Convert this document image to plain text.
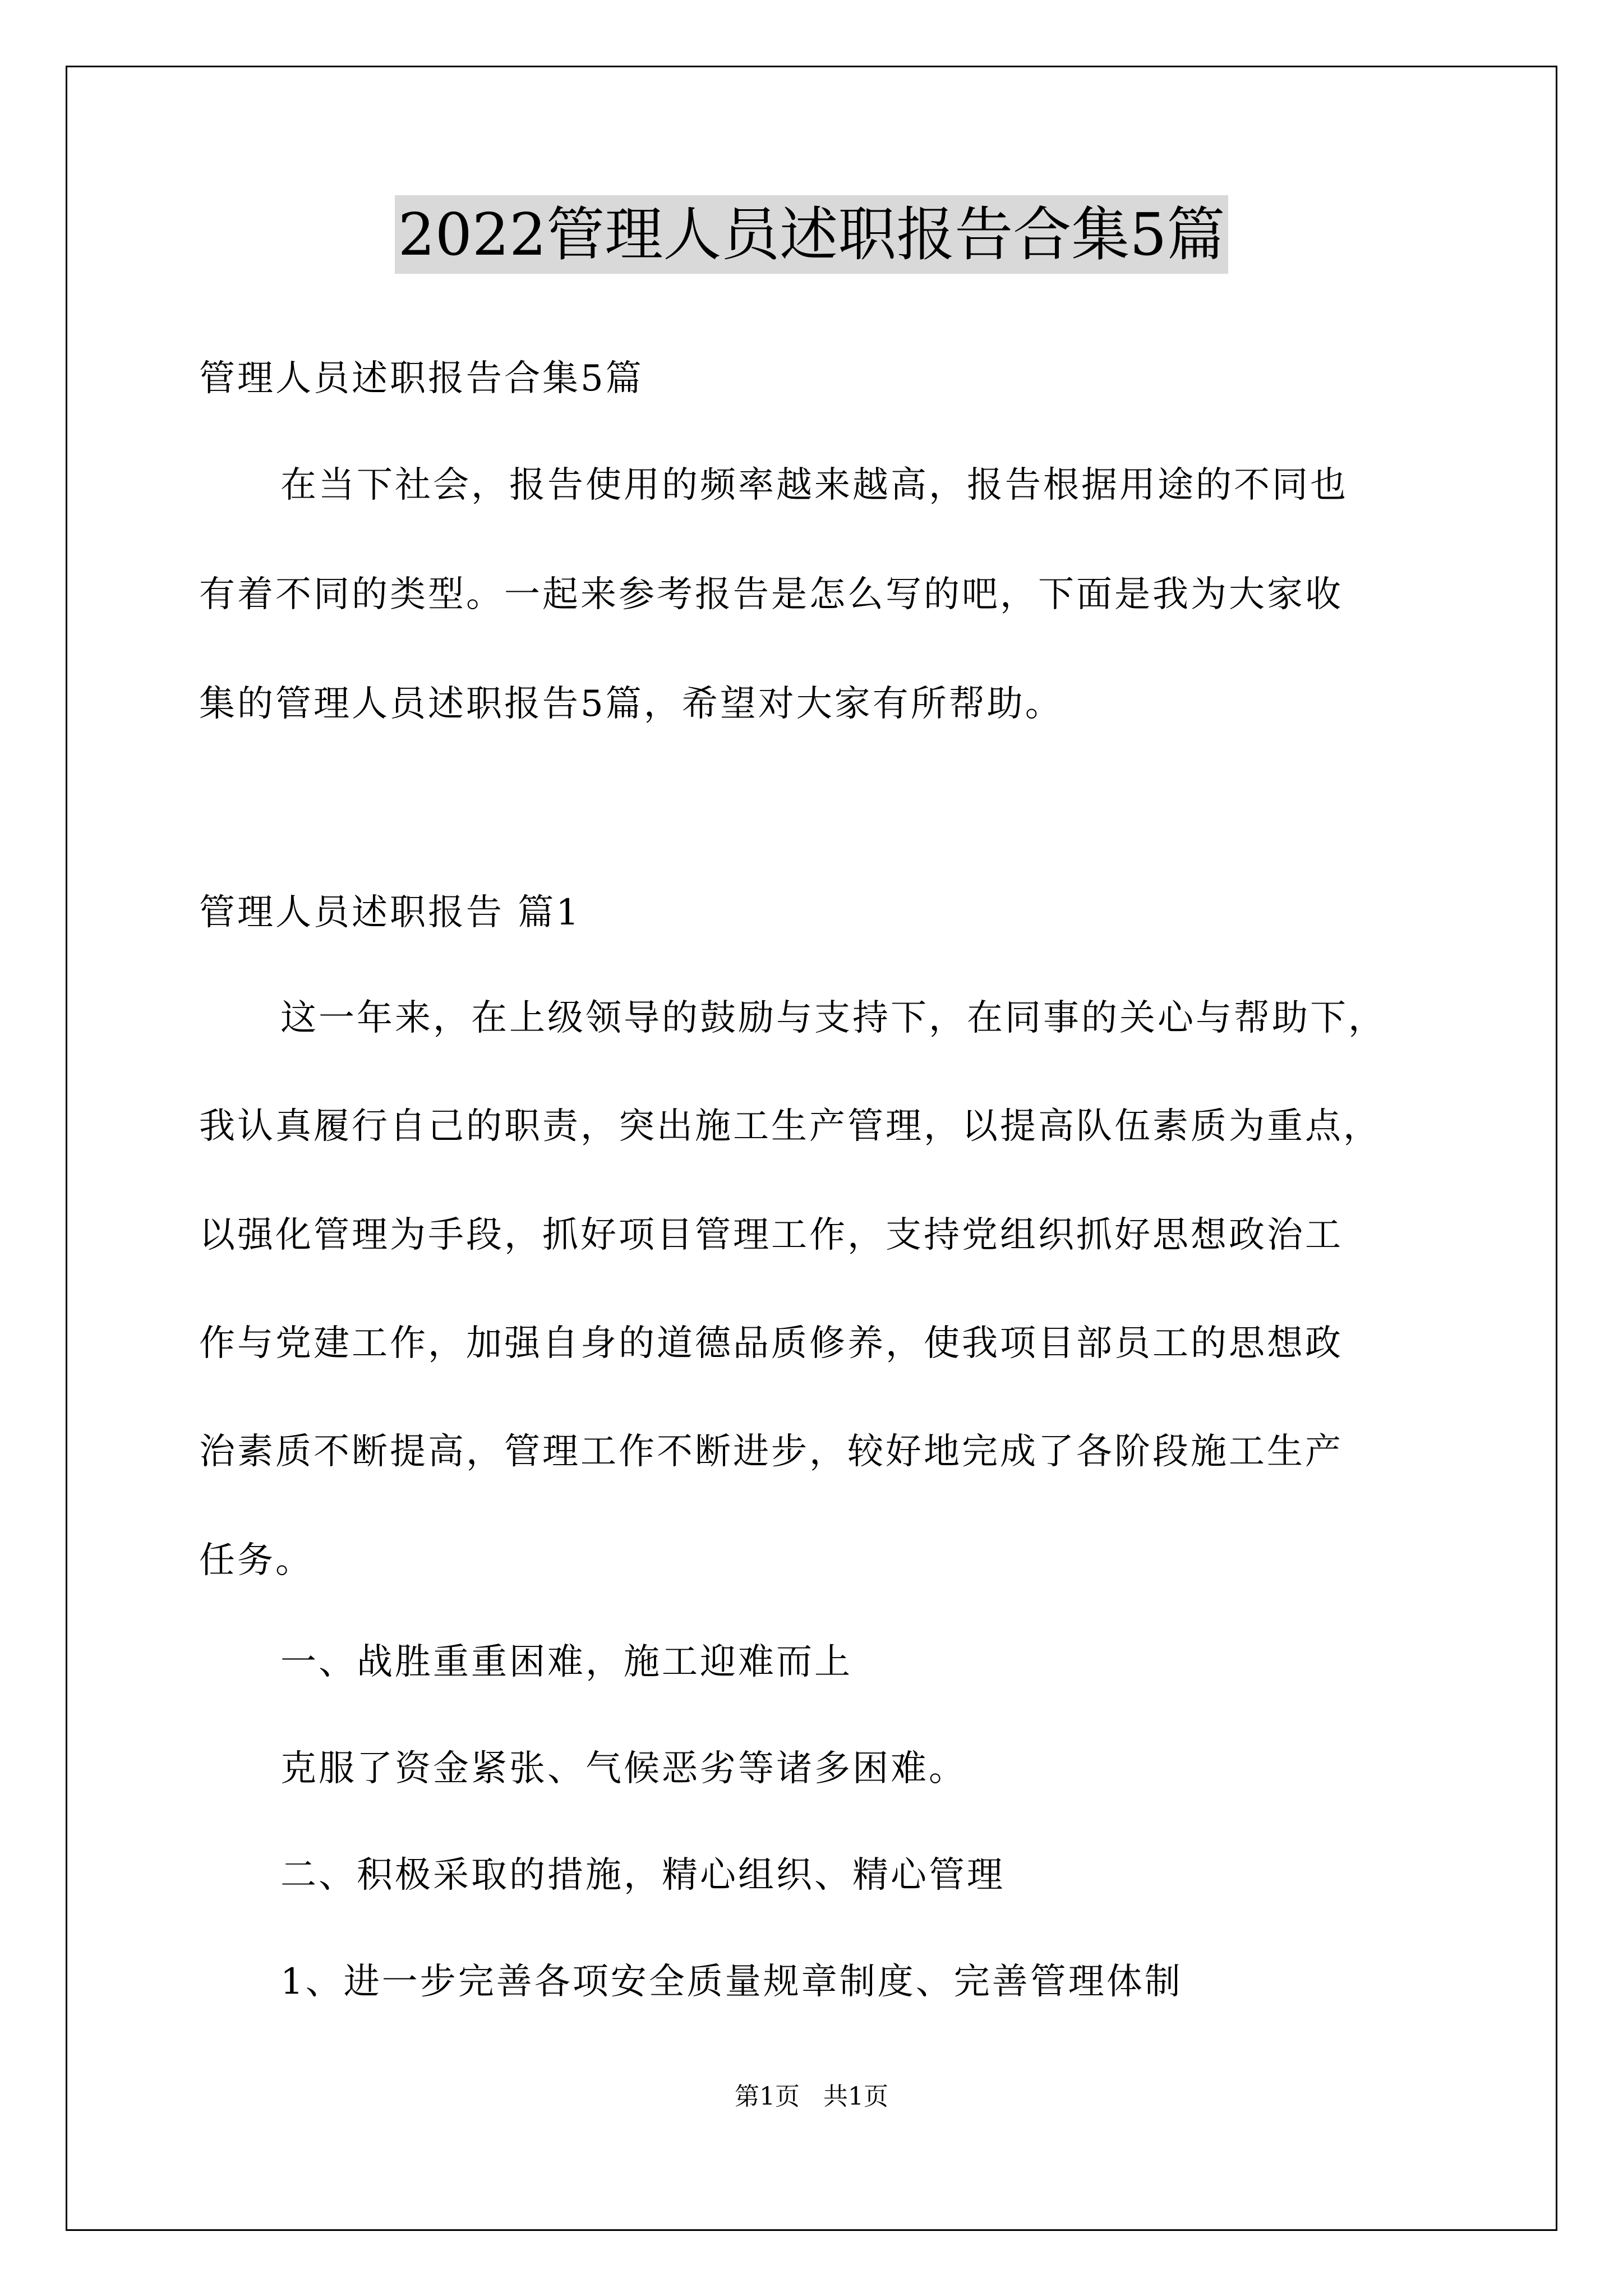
2022管理人员述职报告合集5篇
管理人员述职报告合集5篇
在当下社会，报告使用的频率越来越高，报告根据用途的不同也
有着不同的类型。一起来参考报告是怎么写的吧，下面是我为大家收
集的管理人员述职报告5篇，希望对大家有所帮助。
管理人员述职报告 篇1
这一年来，在上级领导的鼓励与支持下，在同事的关心与帮助下，
我认真履行自己的职责，突出施工生产管理，以提高队伍素质为重点，
以强化管理为手段，抓好项目管理工作，支持党组织抓好思想政治工
作与党建工作，加强自身的道德品质修养，使我项目部员工的思想政
治素质不断提高，管理工作不断进步，较好地完成了各阶段施工生产
任务。
一、战胜重重困难，施工迎难而上
克服了资金紧张、气候恶劣等诸多困难。
二、积极采取的措施，精心组织、精心管理
1、进一步完善各项安全质量规章制度、完善管理体制
第1页   共1页
